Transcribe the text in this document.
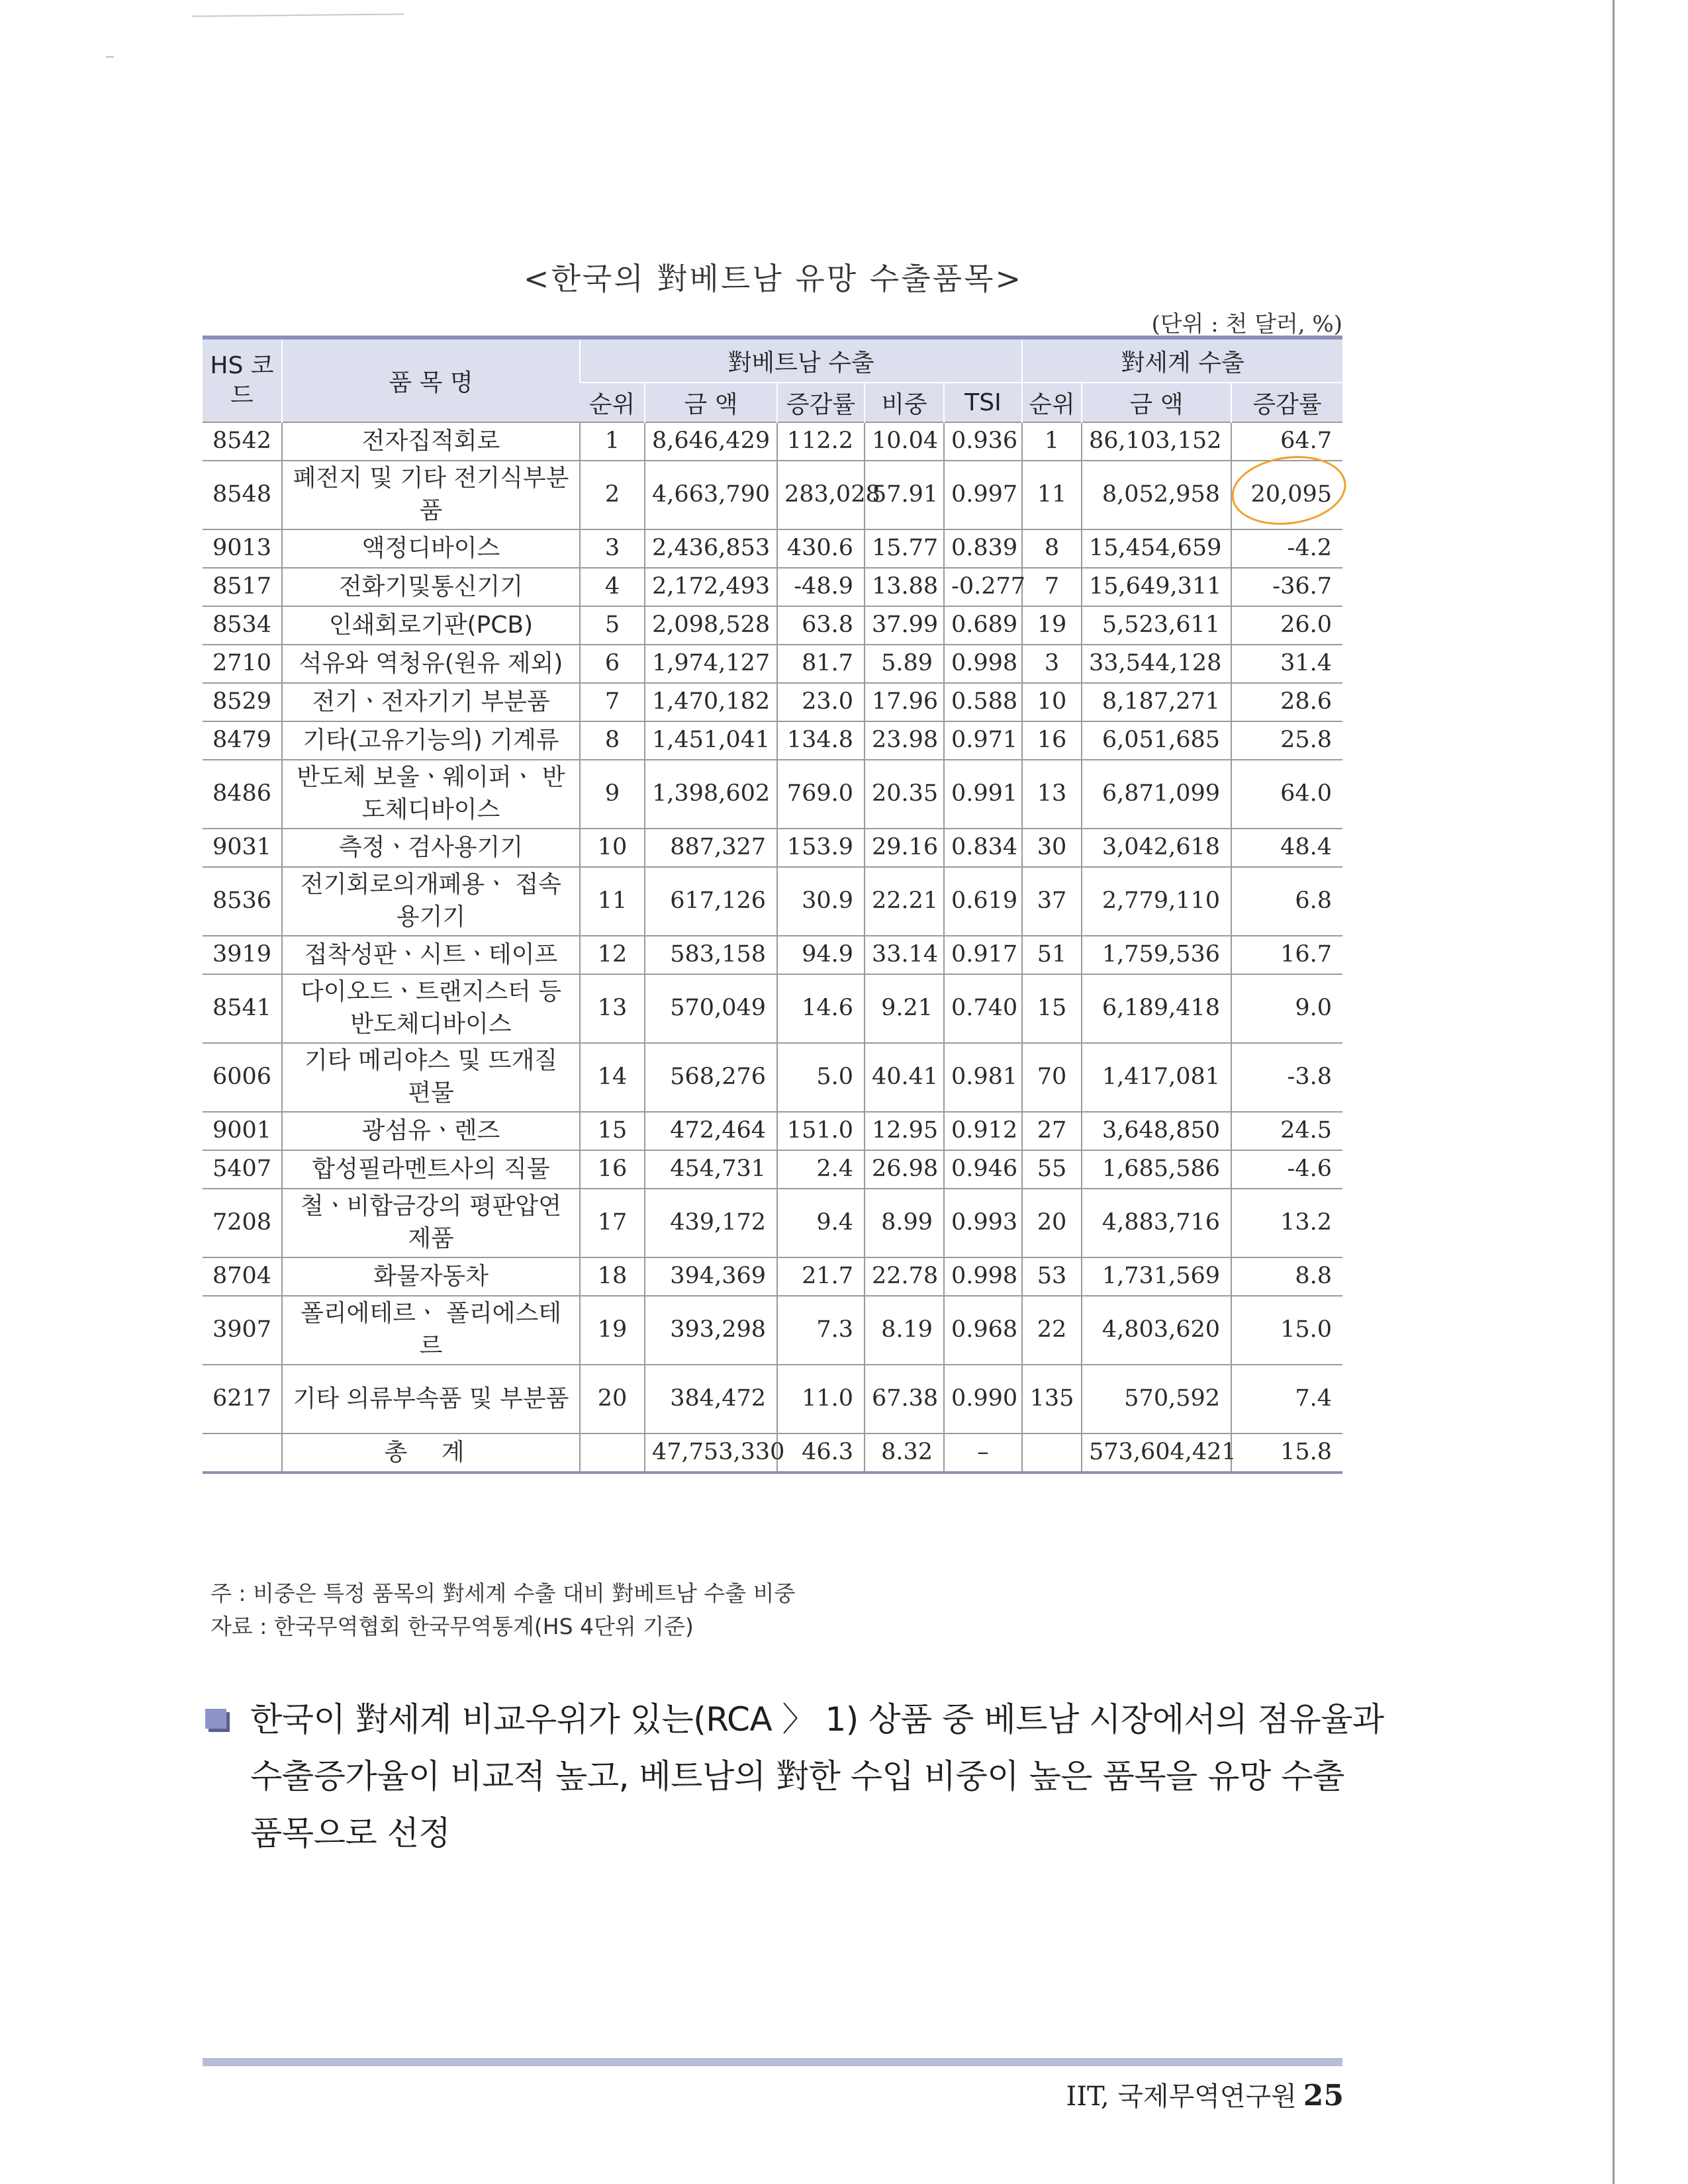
<한국의 對베트남 유망 수출품목>
(단위 : 천 달러, %)
HS 코드	품 목 명	對베트남 수출					對세계 수출		
		순위	금 액	증감률	비중	TSI	순위	금 액	증감률
8542	전자집적회로	1	8,646,429	112.2	10.04	0.936	1	86,103,152	64.7
8548	폐전지 및 기타 전기식부분품	2	4,663,790	283,028	57.91	0.997	11	8,052,958	20,095
9013	액정디바이스	3	2,436,853	430.6	15.77	0.839	8	15,454,659	-4.2
8517	전화기및통신기기	4	2,172,493	-48.9	13.88	-0.277	7	15,649,311	-36.7
8534	인쇄회로기판(PCB)	5	2,098,528	63.8	37.99	0.689	19	5,523,611	26.0
2710	석유와 역청유(원유 제외)	6	1,974,127	81.7	5.89	0.998	3	33,544,128	31.4
8529	전기ㆍ전자기기 부분품	7	1,470,182	23.0	17.96	0.588	10	8,187,271	28.6
8479	기타(고유기능의) 기계류	8	1,451,041	134.8	23.98	0.971	16	6,051,685	25.8
8486	반도체 보울ㆍ웨이퍼ㆍ 반도체디바이스	9	1,398,602	769.0	20.35	0.991	13	6,871,099	64.0
9031	측정ㆍ검사용기기	10	887,327	153.9	29.16	0.834	30	3,042,618	48.4
8536	전기회로의개폐용ㆍ 접속용기기	11	617,126	30.9	22.21	0.619	37	2,779,110	6.8
3919	접착성판ㆍ시트ㆍ테이프	12	583,158	94.9	33.14	0.917	51	1,759,536	16.7
8541	다이오드ㆍ트랜지스터 등 반도체디바이스	13	570,049	14.6	9.21	0.740	15	6,189,418	9.0
6006	기타 메리야스 및 뜨개질 편물	14	568,276	5.0	40.41	0.981	70	1,417,081	-3.8
9001	광섬유ㆍ렌즈	15	472,464	151.0	12.95	0.912	27	3,648,850	24.5
5407	합성필라멘트사의 직물	16	454,731	2.4	26.98	0.946	55	1,685,586	-4.6
7208	철ㆍ비합금강의 평판압연제품	17	439,172	9.4	8.99	0.993	20	4,883,716	13.2
8704	화물자동차	18	394,369	21.7	22.78	0.998	53	1,731,569	8.8
3907	폴리에테르ㆍ 폴리에스테르	19	393,298	7.3	8.19	0.968	22	4,803,620	15.0
6217	기타 의류부속품 및 부분품	20	384,472	11.0	67.38	0.990	135	570,592	7.4
	총 계		47,753,330	46.3	8.32	–		573,604,421	15.8
주 : 비중은 특정 품목의 對세계 수출 대비 對베트남 수출 비중
자료 : 한국무역협회 한국무역통계(HS 4단위 기준)
한국이 對세계 비교우위가 있는(RCA 〉 1) 상품 중 베트남 시장에서의 점유율과
수출증가율이 비교적 높고, 베트남의 對한 수입 비중이 높은 품목을 유망 수출
품목으로 선정
IIT, 국제무역연구원 25
